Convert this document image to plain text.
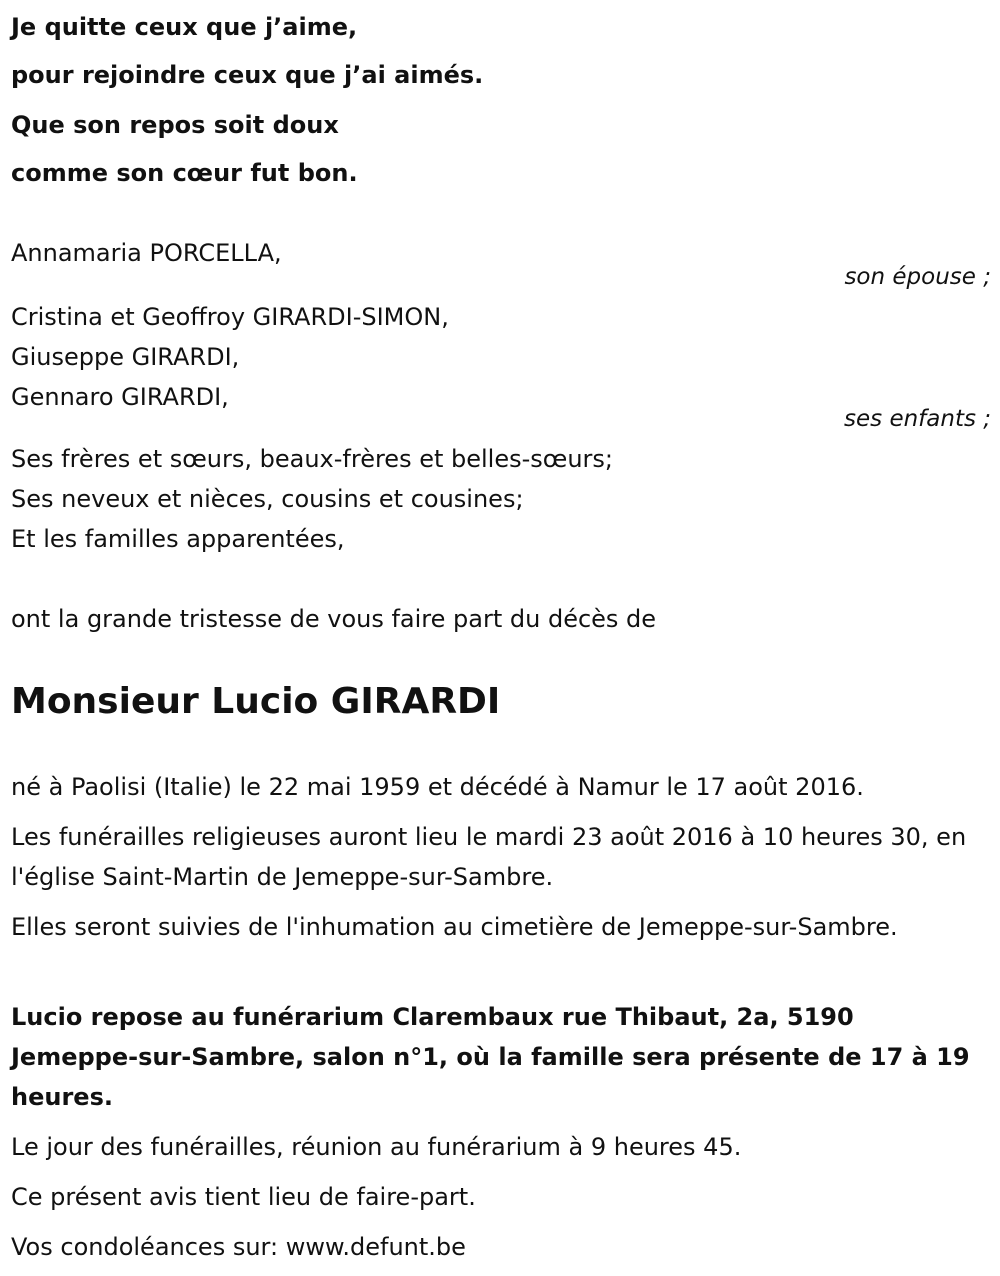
Je quitte ceux que j’aime,
pour rejoindre ceux que j’ai aimés.
Que son repos soit doux
comme son cœur fut bon.
Annamaria PORCELLA,
son épouse ;
Cristina et Geoffroy GIRARDI-SIMON,
Giuseppe GIRARDI,
Gennaro GIRARDI,
ses enfants ;
Ses frères et sœurs, beaux-frères et belles-sœurs;
Ses neveux et nièces, cousins et cousines;
Et les familles apparentées,
ont la grande tristesse de vous faire part du décès de
Monsieur Lucio GIRARDI
né à Paolisi (Italie) le 22 mai 1959 et décédé à Namur le 17 août 2016.
Les funérailles religieuses auront lieu le mardi 23 août 2016 à 10 heures 30, en l'église Saint-Martin de Jemeppe-sur-Sambre.
Elles seront suivies de l'inhumation au cimetière de Jemeppe-sur-Sambre.
Lucio repose au funérarium Clarembaux rue Thibaut, 2a, 5190 Jemeppe-sur-Sambre, salon n°1, où la famille sera présente de 17 à 19 heures.
Le jour des funérailles, réunion au funérarium à 9 heures 45.
Ce présent avis tient lieu de faire-part.
Vos condoléances sur: www.defunt.be
